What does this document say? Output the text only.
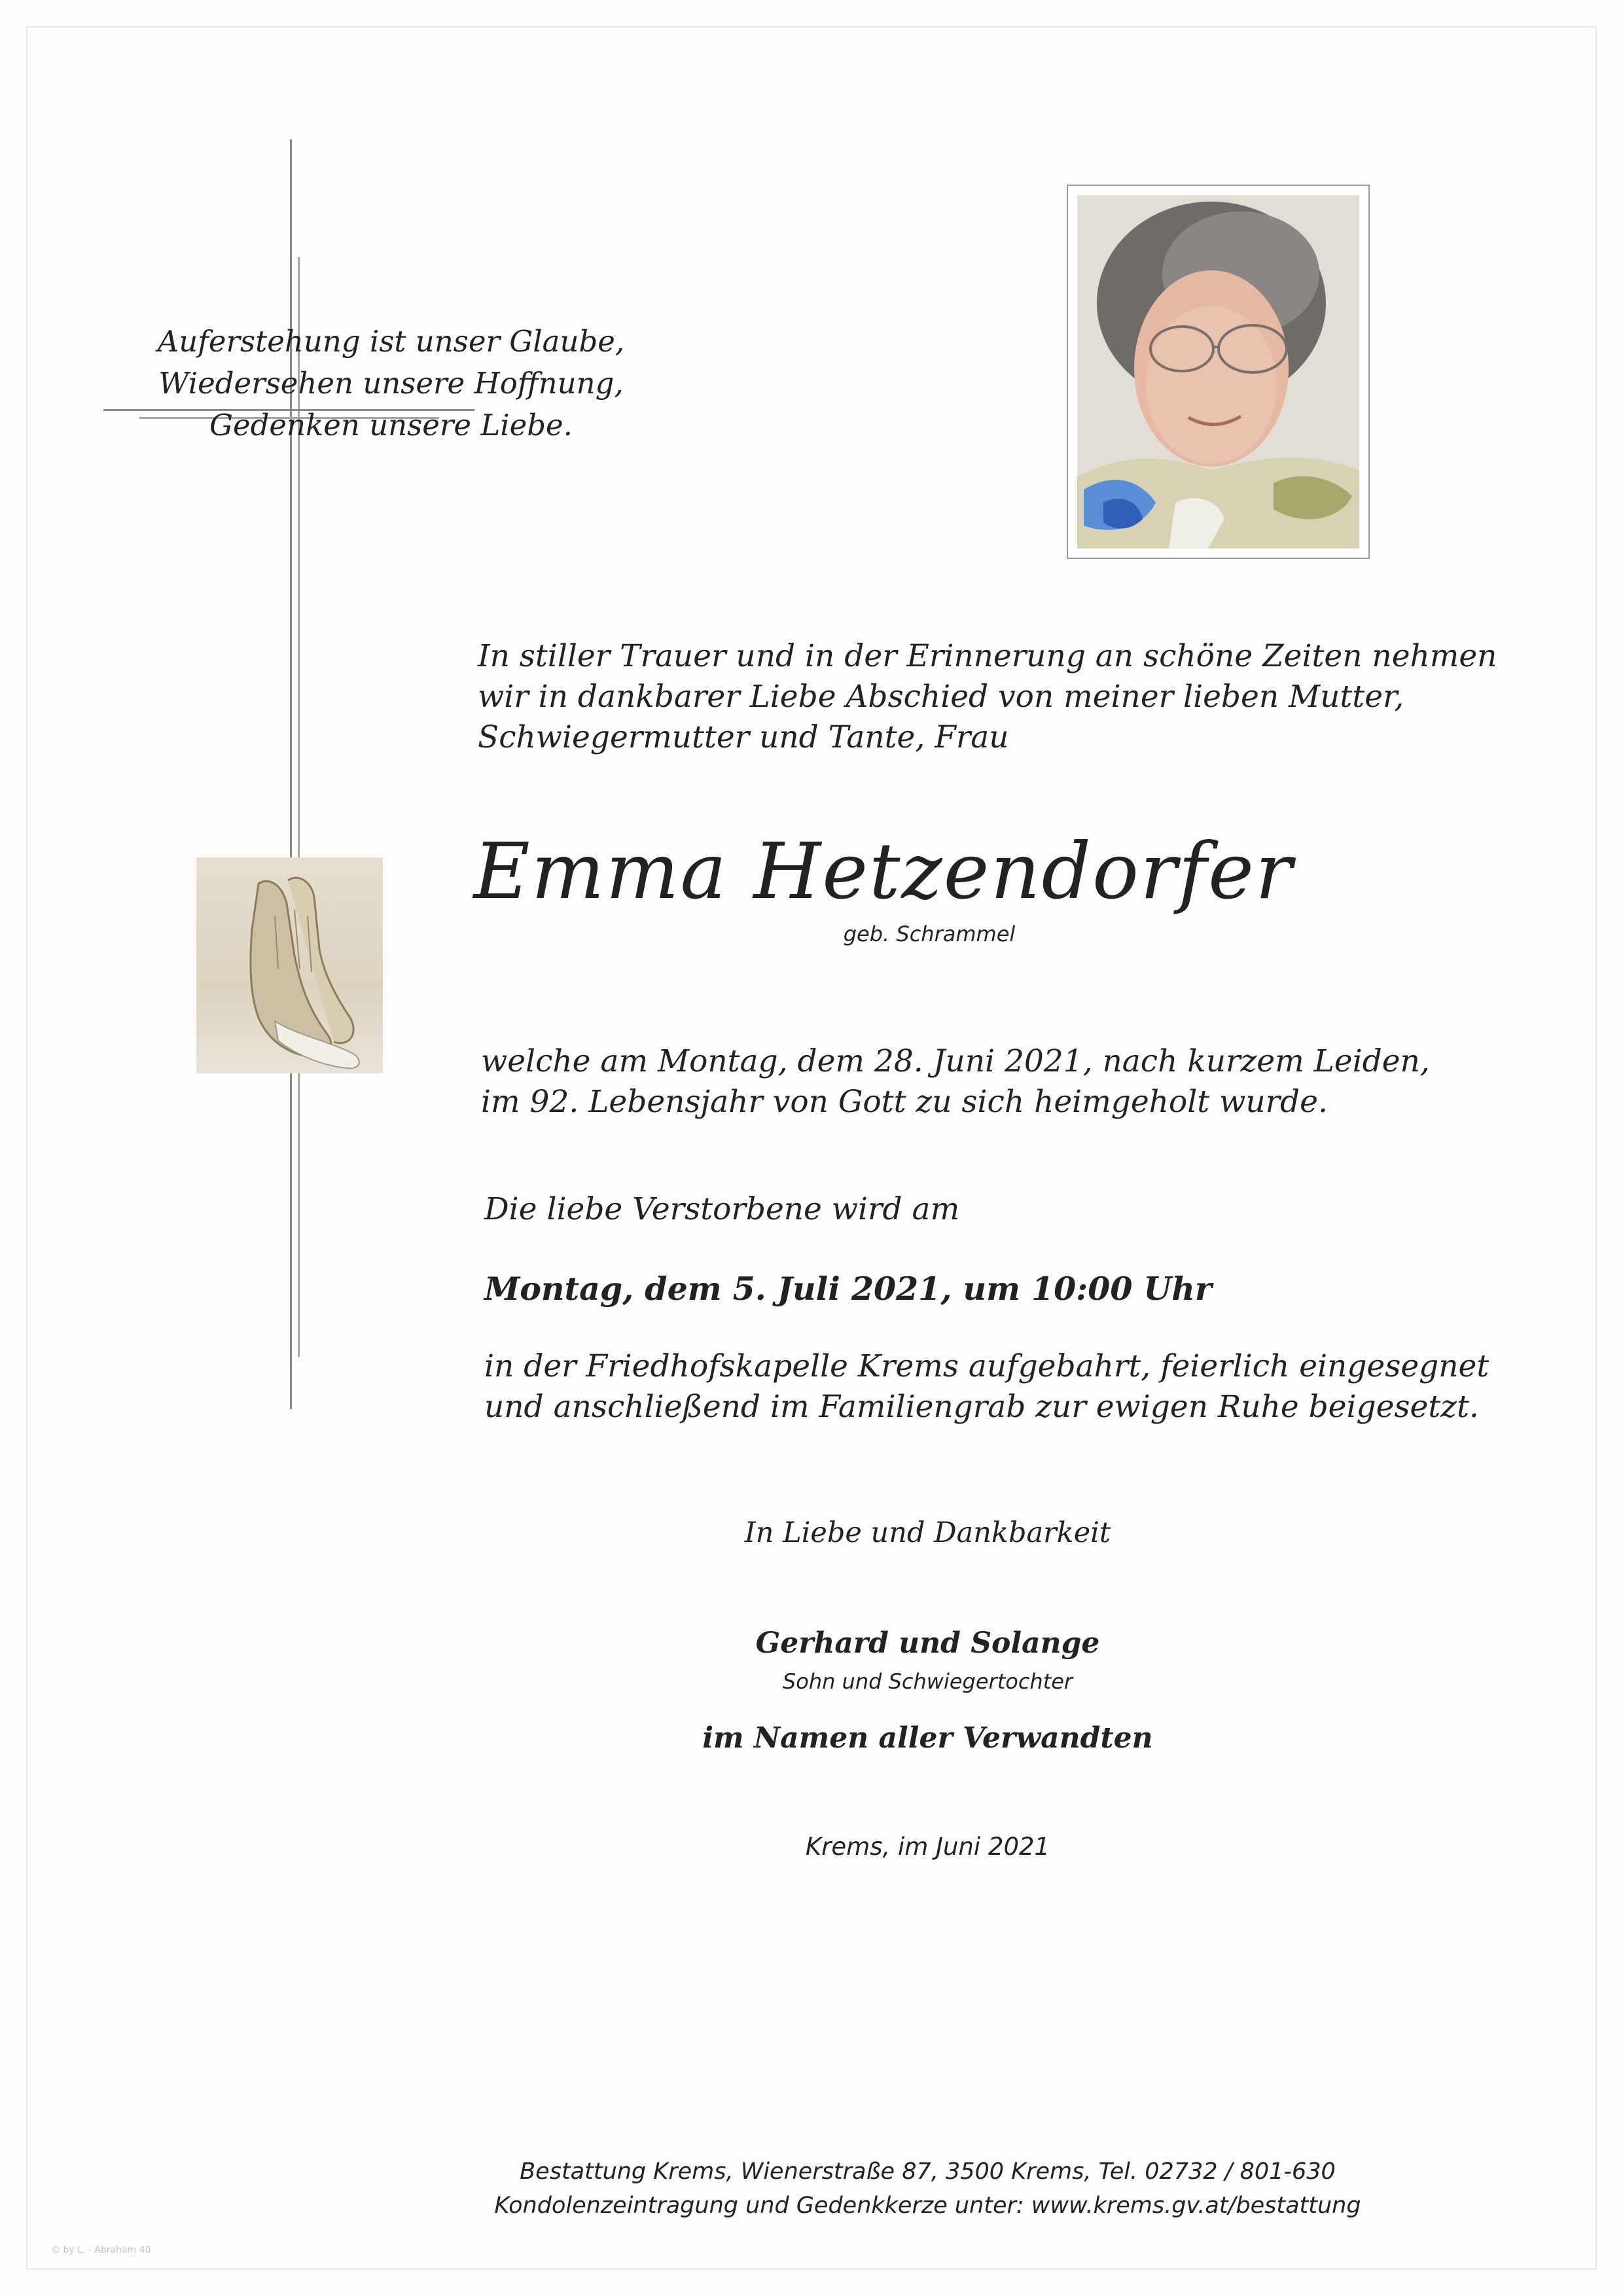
Auferstehung ist unser Glaube,
Wiedersehen unsere Hoffnung,
Gedenken unsere Liebe.
In stiller Trauer und in der Erinnerung an schöne Zeiten nehmen
wir in dankbarer Liebe Abschied von meiner lieben Mutter,
Schwiegermutter und Tante, Frau
Emma Hetzendorfer
geb. Schrammel
welche am Montag, dem 28. Juni 2021, nach kurzem Leiden,
im 92. Lebensjahr von Gott zu sich heimgeholt wurde.
Die liebe Verstorbene wird am
Montag, dem 5. Juli 2021, um 10:00 Uhr
in der Friedhofskapelle Krems aufgebahrt, feierlich eingesegnet
und anschließend im Familiengrab zur ewigen Ruhe beigesetzt.
In Liebe und Dankbarkeit
Gerhard und Solange
Sohn und Schwiegertochter
im Namen aller Verwandten
Krems, im Juni 2021
Bestattung Krems, Wienerstraße 87, 3500 Krems, Tel. 02732 / 801-630
Kondolenzeintragung und Gedenkkerze unter: www.krems.gv.at/bestattung
© by L. - Abraham 40
